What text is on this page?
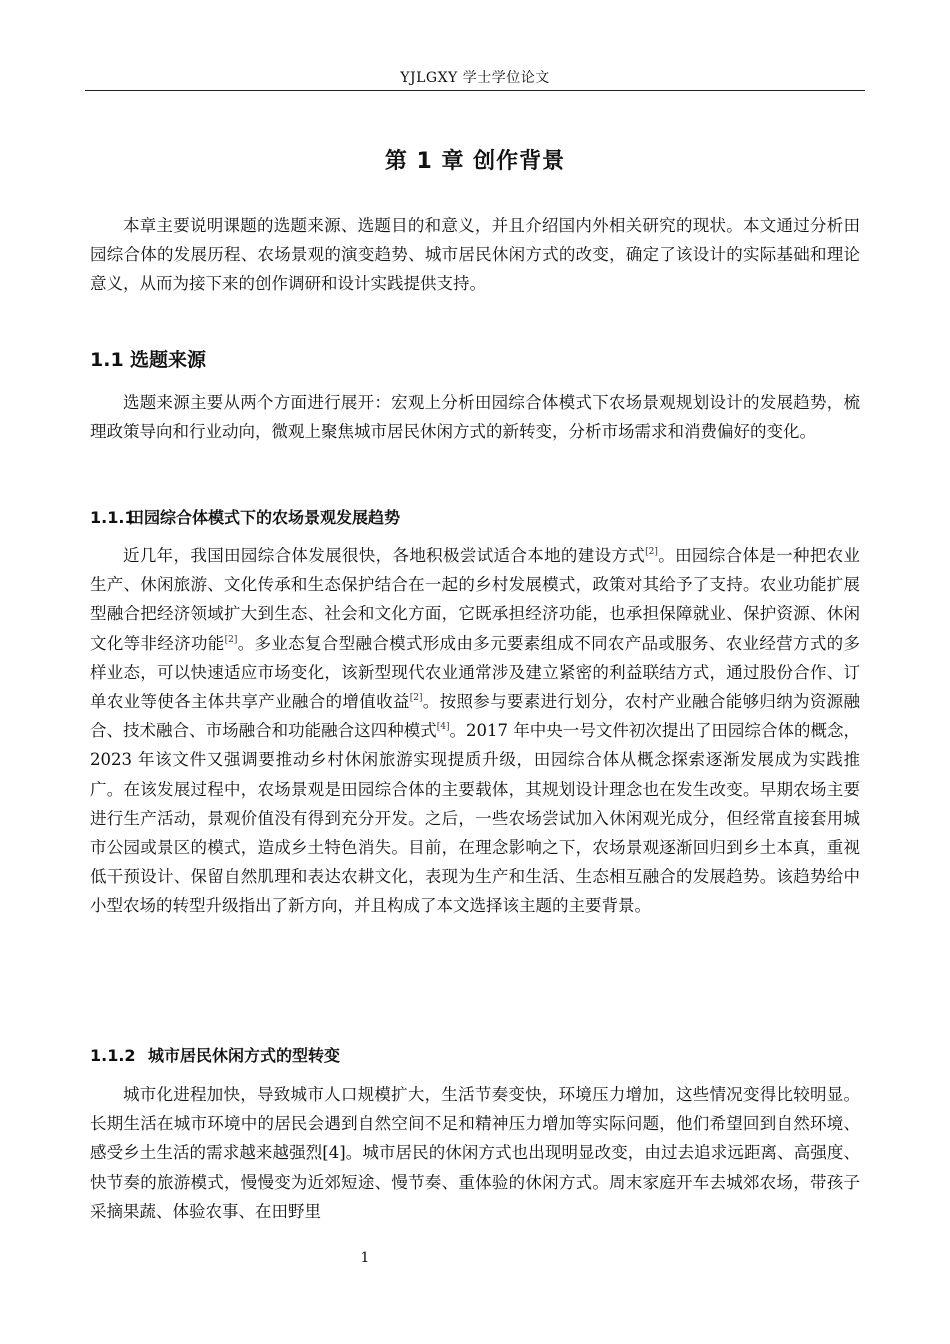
YJLGXY 学士学位论文
第 1 章 创作背景

本章主要说明课题的选题来源、选题目的和意义，并且介绍国内外相关研究的现状。本文通过分析田园综合体的发展历程、农场景观的演变趋势、城市居民休闲方式的改变，确定了该设计的实际基础和理论意义，从而为接下来的创作调研和设计实践提供支持。

1.1 选题来源

选题来源主要从两个方面进行展开：宏观上分析田园综合体模式下农场景观规划设计的发展趋势，梳理政策导向和行业动向，微观上聚焦城市居民休闲方式的新转变，分析市场需求和消费偏好的变化。

1.1.1田园综合体模式下的农场景观发展趋势

近几年，我国田园综合体发展很快，各地积极尝试适合本地的建设方式[2]。田园综合体是一种把农业生产、休闲旅游、文化传承和生态保护结合在一起的乡村发展模式，政策对其给予了支持。农业功能扩展型融合把经济领域扩大到生态、社会和文化方面，它既承担经济功能，也承担保障就业、保护资源、休闲文化等非经济功能[2]。多业态复合型融合模式形成由多元要素组成不同农产品或服务、农业经营方式的多样业态，可以快速适应市场变化，该新型现代农业通常涉及建立紧密的利益联结方式，通过股份合作、订单农业等使各主体共享产业融合的增值收益[2]。按照参与要素进行划分，农村产业融合能够归纳为资源融合、技术融合、市场融合和功能融合这四种模式[4]。2017 年中央一号文件初次提出了田园综合体的概念，2023 年该文件又强调要推动乡村休闲旅游实现提质升级，田园综合体从概念探索逐渐发展成为实践推广。在该发展过程中，农场景观是田园综合体的主要载体，其规划设计理念也在发生改变。早期农场主要进行生产活动，景观价值没有得到充分开发。之后，一些农场尝试加入休闲观光成分，但经常直接套用城市公园或景区的模式，造成乡土特色消失。目前，在理念影响之下，农场景观逐渐回归到乡土本真，重视低干预设计、保留自然肌理和表达农耕文化，表现为生产和生活、生态相互融合的发展趋势。该趋势给中小型农场的转型升级指出了新方向，并且构成了本文选择该主题的主要背景。

1.1.2 城市居民休闲方式的型转变

城市化进程加快，导致城市人口规模扩大，生活节奏变快，环境压力增加，这些情况变得比较明显。长期生活在城市环境中的居民会遇到自然空间不足和精神压力增加等实际问题，他们希望回到自然环境、感受乡土生活的需求越来越强烈[4]。城市居民的休闲方式也出现明显改变，由过去追求远距离、高强度、快节奏的旅游模式，慢慢变为近郊短途、慢节奏、重体验的休闲方式。周末家庭开车去城郊农场，带孩子采摘果蔬、体验农事、在田野里

1
